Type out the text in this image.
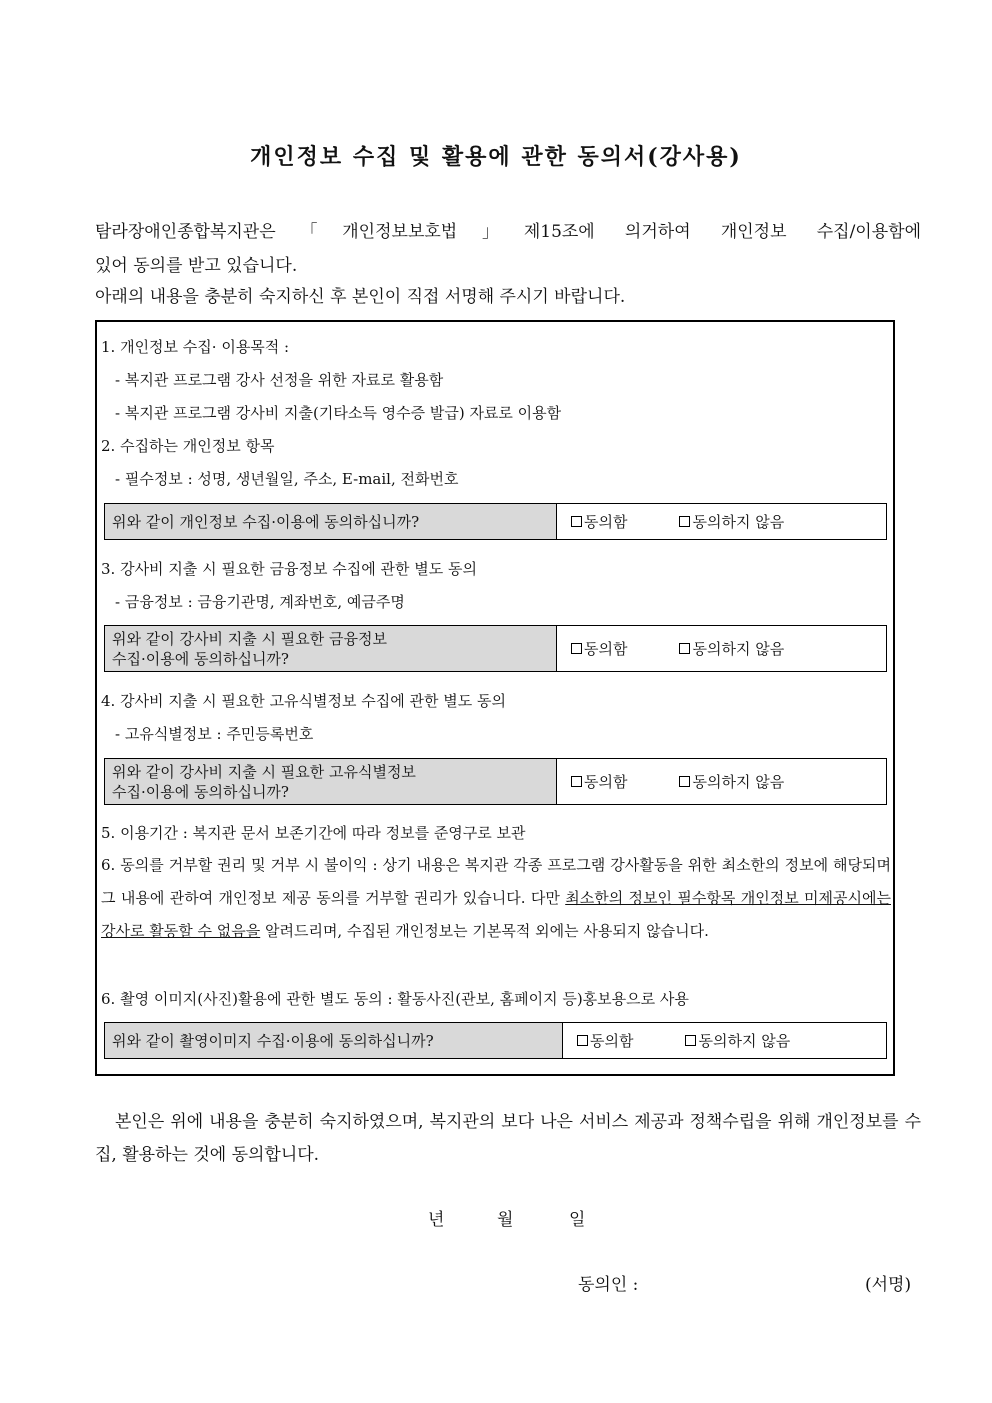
개인정보 수집 및 활용에 관한 동의서(강사용)
탐라장애인종합복지관은「개인정보보호법」제15조에 의거하여 개인정보 수집/이용함에
있어 동의를 받고 있습니다.
아래의 내용을 충분히 숙지하신 후 본인이 직접 서명해 주시기 바랍니다.
1. 개인정보 수집· 이용목적 :
- 복지관 프로그램 강사 선정을 위한 자료로 활용함
- 복지관 프로그램 강사비 지출(기타소득 영수증 발급) 자료로 이용함
2. 수집하는 개인정보 항목
- 필수정보 : 성명, 생년월일, 주소, E-mail, 전화번호
위와 같이 개인정보 수집·이용에 동의하십니까?	동의함	동의하지 않음
3. 강사비 지출 시 필요한 금융정보 수집에 관한 별도 동의
- 금융정보 : 금융기관명, 계좌번호, 예금주명
위와 같이 강사비 지출 시 필요한 금융정보
수집·이용에 동의하십니까?
동의함	동의하지 않음
4. 강사비 지출 시 필요한 고유식별정보 수집에 관한 별도 동의
- 고유식별정보 : 주민등록번호
위와 같이 강사비 지출 시 필요한 고유식별정보
수집·이용에 동의하십니까?
동의함	동의하지 않음
5. 이용기간 : 복지관 문서 보존기간에 따라 정보를 준영구로 보관
6. 동의를 거부할 권리 및 거부 시 불이익 : 상기 내용은 복지관 각종 프로그램 강사활동을 위한 최소한의 정보에 해당되며 그 내용에 관하여 개인정보 제공 동의를 거부할 권리가 있습니다. 다만 최소한의 정보인 필수항목 개인정보 미제공시에는 강사로 활동할 수 없음을 알려드리며, 수집된 개인정보는 기본목적 외에는 사용되지 않습니다.
6. 촬영 이미지(사진)활용에 관한 별도 동의 : 활동사진(관보, 홈페이지 등)홍보용으로 사용
위와 같이 촬영이미지 수집·이용에 동의하십니까?	동의함	동의하지 않음
본인은 위에 내용을 충분히 숙지하였으며, 복지관의 보다 나은 서비스 제공과 정책수립을 위해 개인정보를 수집, 활용하는 것에 동의합니다.
년	월	일
동의인 :	(서명)
